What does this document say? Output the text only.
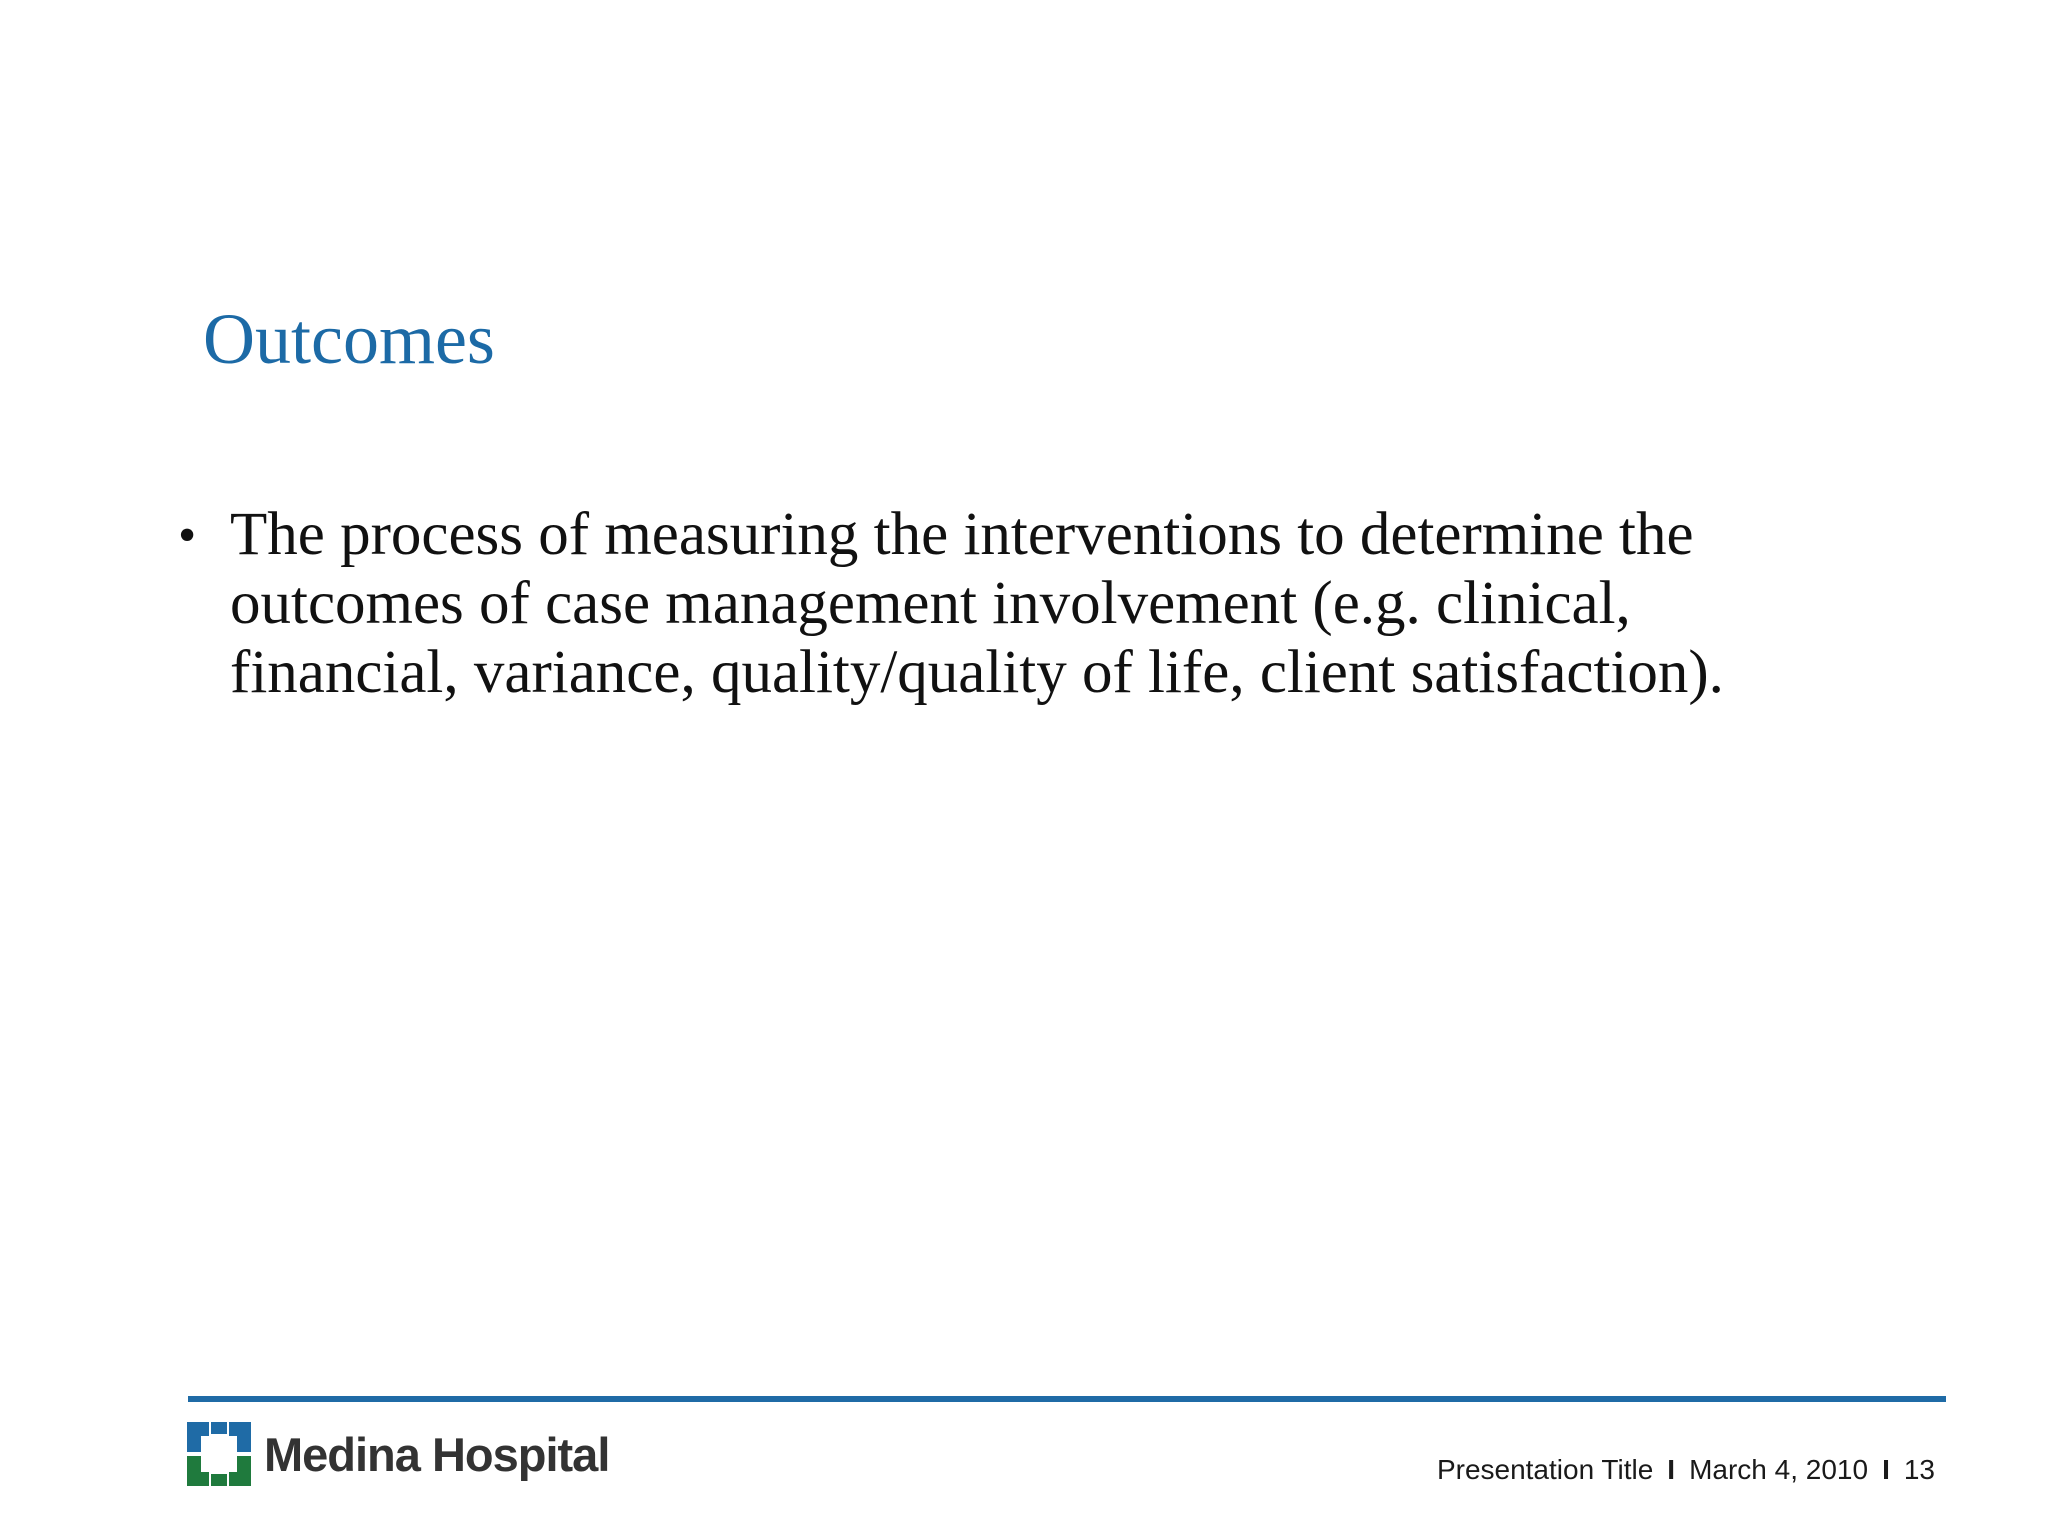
Outcomes
• The process of measuring the interventions to determine the outcomes of case management involvement (e.g. clinical, financial, variance, quality/quality of life, client satisfaction).
Medina Hospital	Presentation Title I March 4, 2010 I 13
